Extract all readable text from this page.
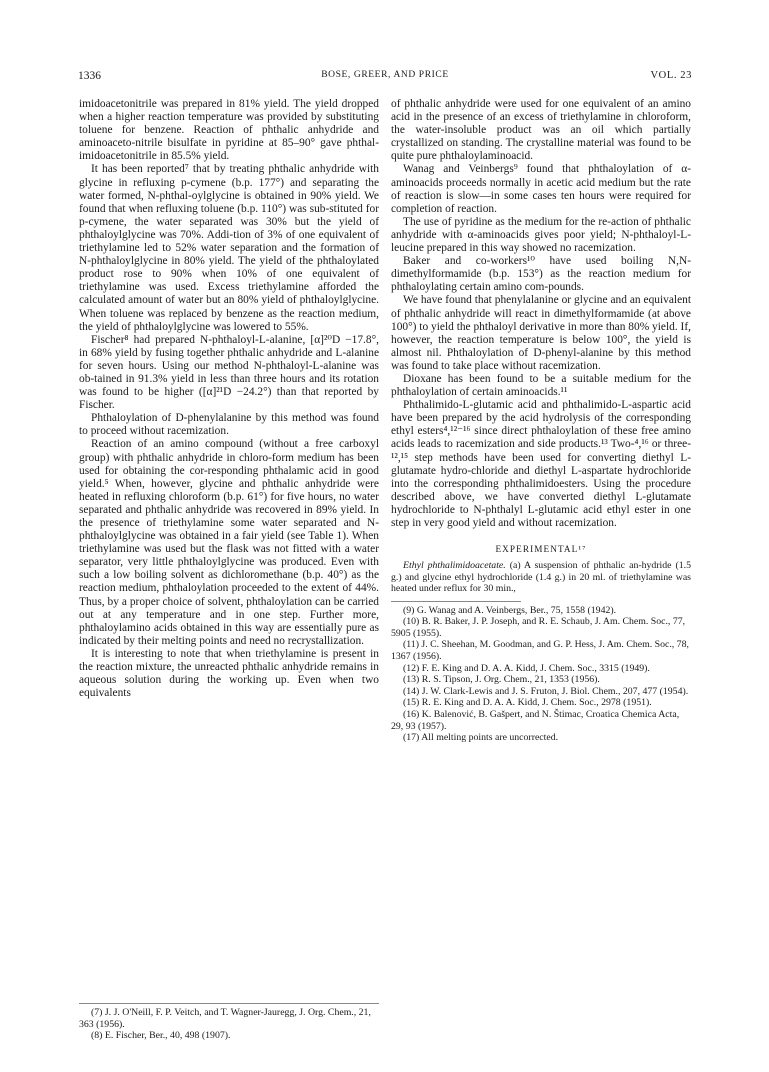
1336	BOSE, GREER, AND PRICE	VOL. 23

imidoacetonitrile was prepared in 81% yield. The yield dropped when a higher reaction temperature was provided by substituting toluene for benzene. Reaction of phthalic anhydride and aminoaceto-nitrile bisulfate in pyridine at 85–90° gave phthal-imidoacetonitrile in 85.5% yield.

It has been reported⁷ that by treating phthalic anhydride with glycine in refluxing p-cymene (b.p. 177°) and separating the water formed, N-phthal-oylglycine is obtained in 90% yield. We found that when refluxing toluene (b.p. 110°) was sub-stituted for p-cymene, the water separated was 30% but the yield of phthaloylglycine was 70%. Addi-tion of 3% of one equivalent of triethylamine led to 52% water separation and the formation of N-phthaloylglycine in 80% yield. The yield of the phthaloylated product rose to 90% when 10% of one equivalent of triethylamine was used. Excess triethylamine afforded the calculated amount of water but an 80% yield of phthaloylglycine. When toluene was replaced by benzene as the reaction medium, the yield of phthaloylglycine was lowered to 55%.

Fischer⁸ had prepared N-phthaloyl-L-alanine, [α]²⁰D −17.8°, in 68% yield by fusing together phthalic anhydride and L-alanine for seven hours. Using our method N-phthaloyl-L-alanine was ob-tained in 91.3% yield in less than three hours and its rotation was found to be higher ([α]²¹D −24.2°) than that reported by Fischer.

Phthaloylation of D-phenylalanine by this method was found to proceed without racemization.

Reaction of an amino compound (without a free carboxyl group) with phthalic anhydride in chloro-form medium has been used for obtaining the cor-responding phthalamic acid in good yield.⁵ When, however, glycine and phthalic anhydride were heated in refluxing chloroform (b.p. 61°) for five hours, no water separated and phthalic anhydride was recovered in 89% yield. In the presence of triethylamine some water separated and N-phthaloylglycine was obtained in a fair yield (see Table 1). When triethylamine was used but the flask was not fitted with a water separator, very little phthaloylglycine was produced. Even with such a low boiling solvent as dichloromethane (b.p. 40°) as the reaction medium, phthaloylation proceeded to the extent of 44%. Thus, by a proper choice of solvent, phthaloylation can be carried out at any temperature and in one step. Further more, phthaloylamino acids obtained in this way are essentially pure as indicated by their melting points and need no recrystallization.

It is interesting to note that when triethylamine is present in the reaction mixture, the unreacted phthalic anhydride remains in aqueous solution during the working up. Even when two equivalents

(7) J. J. O'Neill, F. P. Veitch, and T. Wagner-Jauregg, J. Org. Chem., 21, 363 (1956).

(8) E. Fischer, Ber., 40, 498 (1907).

of phthalic anhydride were used for one equivalent of an amino acid in the presence of an excess of triethylamine in chloroform, the water-insoluble product was an oil which partially crystallized on standing. The crystalline material was found to be quite pure phthaloylaminoacid.

Wanag and Veinbergs⁹ found that phthaloylation of α-aminoacids proceeds normally in acetic acid medium but the rate of reaction is slow—in some cases ten hours were required for completion of reaction.

The use of pyridine as the medium for the re-action of phthalic anhydride with α-aminoacids gives poor yield; N-phthaloyl-L-leucine prepared in this way showed no racemization.

Baker and co-workers¹⁰ have used boiling N,N-dimethylformamide (b.p. 153°) as the reaction medium for phthaloylating certain amino com-pounds.

We have found that phenylalanine or glycine and an equivalent of phthalic anhydride will react in dimethylformamide (at above 100°) to yield the phthaloyl derivative in more than 80% yield. If, however, the reaction temperature is below 100°, the yield is almost nil. Phthaloylation of D-phenyl-alanine by this method was found to take place without racemization.

Dioxane has been found to be a suitable medium for the phthaloylation of certain aminoacids.¹¹

Phthalimido-L-glutamic acid and phthalimido-L-aspartic acid have been prepared by the acid hydrolysis of the corresponding ethyl esters⁴,¹²⁻¹⁶ since direct phthaloylation of these free amino acids leads to racemization and side products.¹³ Two-⁴,¹⁶ or three-¹²,¹⁵ step methods have been used for converting diethyl L-glutamate hydro-chloride and diethyl L-aspartate hydrochloride into the corresponding phthalimidoesters. Using the procedure described above, we have converted diethyl L-glutamate hydrochloride to N-phthalyl L-glutamic acid ethyl ester in one step in very good yield and without racemization.

EXPERIMENTAL¹⁷

Ethyl phthalimidoacetate. (a) A suspension of phthalic an-hydride (1.5 g.) and glycine ethyl hydrochloride (1.4 g.) in 20 ml. of triethylamine was heated under reflux for 30 min.,

(9) G. Wanag and A. Veinbergs, Ber., 75, 1558 (1942).

(10) B. R. Baker, J. P. Joseph, and R. E. Schaub, J. Am. Chem. Soc., 77, 5905 (1955).

(11) J. C. Sheehan, M. Goodman, and G. P. Hess, J. Am. Chem. Soc., 78, 1367 (1956).

(12) F. E. King and D. A. A. Kidd, J. Chem. Soc., 3315 (1949).

(13) R. S. Tipson, J. Org. Chem., 21, 1353 (1956).

(14) J. W. Clark-Lewis and J. S. Fruton, J. Biol. Chem., 207, 477 (1954).

(15) R. E. King and D. A. A. Kidd, J. Chem. Soc., 2978 (1951).

(16) K. Balenović, B. Gašpert, and N. Štimac, Croatica Chemica Acta, 29, 93 (1957).

(17) All melting points are uncorrected.
